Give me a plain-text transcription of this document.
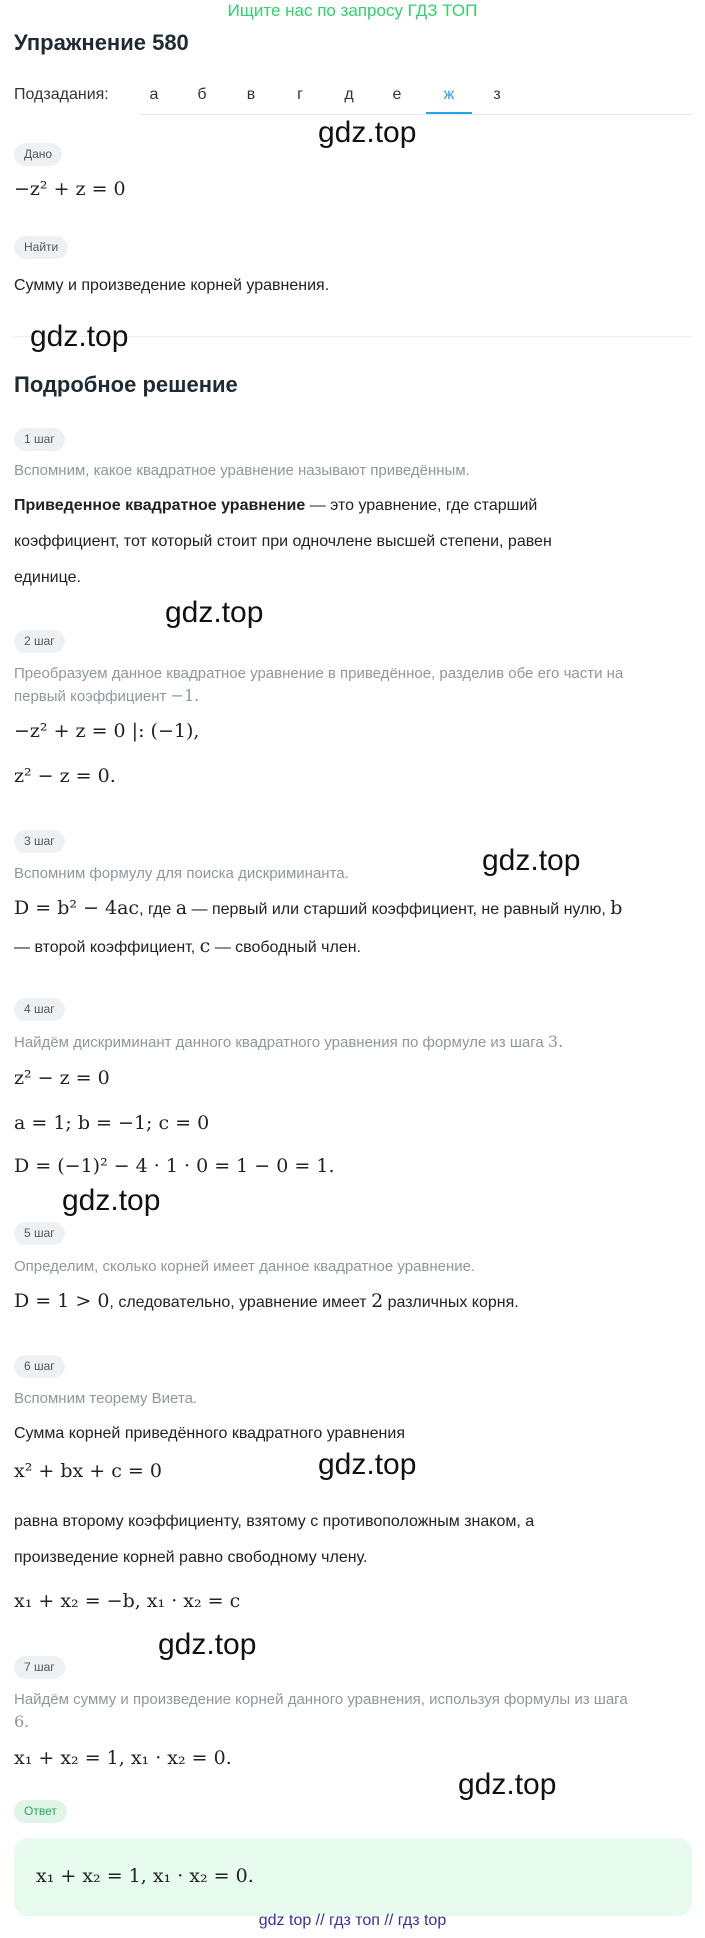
Ищите нас по запросу ГДЗ ТОП
Упражнение 580
Подзадания:	а	б	в	г	д	е	ж	з
Дано
−z² + z = 0
Найти
Сумму и произведение корней уравнения.
Подробное решение
1 шаг
Вспомним, какое квадратное уравнение называют приведённым.
Приведенное квадратное уравнение — это уравнение, где старший
коэффициент, тот который стоит при одночлене высшей степени, равен
единице.
2 шаг
Преобразуем данное квадратное уравнение в приведённое, разделив обе его части на
первый коэффициент −1.
−z² + z = 0 |: (−1),
z² − z = 0.
3 шаг
Вспомним формулу для поиска дискриминанта.
D = b² − 4ac, где a — первый или старший коэффициент, не равный нулю, b
— второй коэффициент, c — свободный член.
4 шаг
Найдём дискриминант данного квадратного уравнения по формуле из шага 3.
z² − z = 0
a = 1; b = −1; c = 0
D = (−1)² − 4 · 1 · 0 = 1 − 0 = 1.
5 шаг
Определим, сколько корней имеет данное квадратное уравнение.
D = 1 > 0, следовательно, уравнение имеет 2 различных корня.
6 шаг
Вспомним теорему Виета.
Сумма корней приведённого квадратного уравнения
x² + bx + c = 0
равна второму коэффициенту, взятому с противоположным знаком, а
произведение корней равно свободному члену.
x₁ + x₂ = −b, x₁ · x₂ = c
7 шаг
Найдём сумму и произведение корней данного уравнения, используя формулы из шага
6.
x₁ + x₂ = 1, x₁ · x₂ = 0.
Ответ
x₁ + x₂ = 1, x₁ · x₂ = 0.
gdz.top
gdz.top
gdz.top
gdz.top
gdz.top
gdz.top
gdz.top
gdz.top
gdz top // гдз топ // гдз top
